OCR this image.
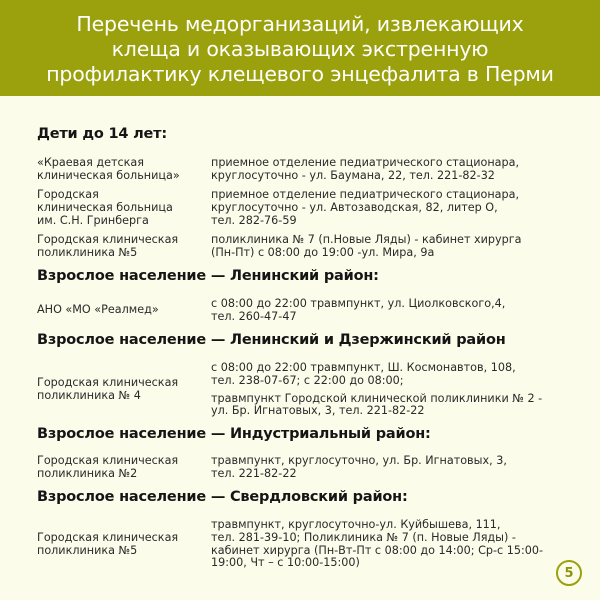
Перечень медорганизаций, извлекающих
клеща и оказывающих экстренную
профилактику клещевого энцефалита в Перми
Дети до 14 лет:
«Краевая детская
клиническая больница»
приемное отделение педиатрического стационара,
круглосуточно - ул. Баумана, 22, тел. 221-82-32
Городская
клиническая больница
им. С.Н. Гринберга
приемное отделение педиатрического стационара,
круглосуточно - ул. Автозаводская, 82, литер О,
тел. 282-76-59
Городская клиническая
поликлиника №5
поликлиника № 7 (п.Новые Ляды) - кабинет хирурга
(Пн-Пт) с 08:00 до 19:00 -ул. Мира, 9а
Взрослое население — Ленинский район:
АНО «МО «Реалмед»	с 08:00 до 22:00 травмпункт, ул. Циолковского,4,
тел. 260-47-47
Взрослое население — Ленинский и Дзержинский район
Городская клиническая
поликлиника № 4
с 08:00 до 22:00 травмпункт, Ш. Космонавтов, 108,
тел. 238-07-67; с 22:00 до 08:00;
травмпункт Городской клинической поликлиники № 2 -
ул. Бр. Игнатовых, 3, тел. 221-82-22
Взрослое население — Индустриальный район:
Городская клиническая
поликлиника №2
травмпункт, круглосуточно, ул. Бр. Игнатовых, 3,
тел. 221-82-22
Взрослое население — Свердловский район:
Городская клиническая
поликлиника №5
травмпункт, круглосуточно-ул. Куйбышева, 111,
тел. 281-39-10; Поликлиника № 7 (п. Новые Ляды) -
кабинет хирурга (Пн-Вт-Пт с 08:00 до 14:00; Ср-с 15:00-
19:00, Чт – с 10:00-15:00)
5
